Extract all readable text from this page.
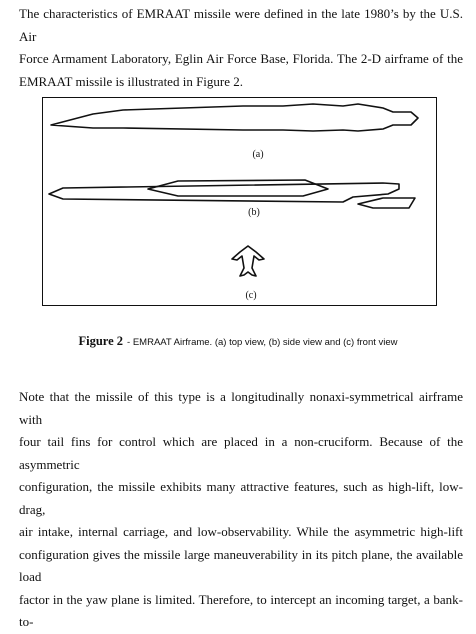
The characteristics of EMRAAT missile were defined in the late 1980’s by the U.S. Air
Force Armament Laboratory, Eglin Air Force Base, Florida. The 2-D airframe of the
EMRAAT missile is illustrated in Figure 2.
(a)
(b)
(c)
Figure 2 - EMRAAT Airframe. (a) top view, (b) side view and (c) front view
Note that the missile of this type is a longitudinally nonaxi-symmetrical airframe with
four tail fins for control which are placed in a non-cruciform. Because of the asymmetric
configuration, the missile exhibits many attractive features, such as high-lift, low-drag,
air intake, internal carriage, and low-observability. While the asymmetric high-lift
configuration gives the missile large maneuverability in its pitch plane, the available load
factor in the yaw plane is limited. Therefore, to intercept an incoming target, a bank-to-
